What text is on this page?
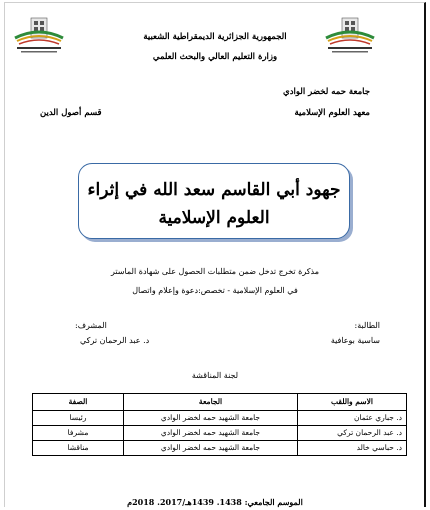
الجمهورية الجزائرية الديمقراطية الشعبية
وزارة التعليم العالي والبحث العلمي
جامعة حمه لخضر الوادي
معهد العلوم الإسلامية
قسم أصول الدين
جهود أبي القاسم سعد الله في إثراء
العلوم الإسلامية
مذكرة تخرج تدخل ضمن متطلبات الحصول على شهادة الماستر
في العلوم الإسلامية - تخصص:دعوة وإعلام واتصال
الطالبة:
ساسية بوعافية
المشرف:
د. عبد الرحمان تركي
لجنة المناقشة
الاسم واللقب	الجامعة	الصفة
د. جباري عثمان	جامعة الشهيد حمه لخضر الوادي	رئيسا
د. عبد الرحمان تركي	جامعة الشهيد حمه لخضر الوادي	مشرفا
د. حباسي خالد	جامعة الشهيد حمه لخضر الوادي	مناقشا
الموسم الجامعي: 1438. 1439هـ/2017. 2018م
